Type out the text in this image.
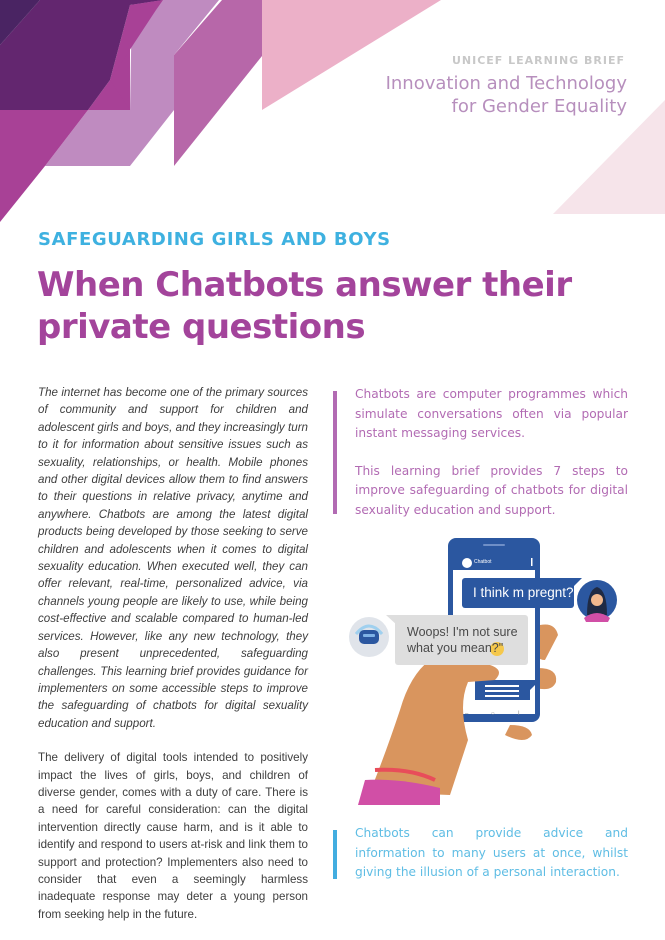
UNICEF LEARNING BRIEF
Innovation and Technology
for Gender Equality
SAFEGUARDING GIRLS AND BOYS
When Chatbots answer their
private questions

The internet has become one of the primary sources of community and support for children and adolescent girls and boys, and they increasingly turn to it for information about sensitive issues such as sexuality, relationships, or health. Mobile phones and other digital devices allow them to find answers to their questions in relative privacy, anytime and anywhere. Chatbots are among the latest digital products being developed by those seeking to serve children and adolescents when it comes to digital sexuality education. When executed well, they can offer relevant, real-time, personalized advice, via channels young people are likely to use, while being cost-effective and scalable compared to human-led services. However, like any new technology, they also present unprecedented, safeguarding challenges. This learning brief provides guidance for implementers on some accessible steps to improve the safeguarding of chatbots for digital sexuality education and support.

The delivery of digital tools intended to positively impact the lives of girls, boys, and children of diverse gender, comes with a duty of care. There is a need for careful consideration: can the digital intervention directly cause harm, and is it able to identify and respond to users at-risk and link them to support and protection? Implementers also need to consider that even a seemingly harmless inadequate response may deter a young person from seeking help in the future.

Chatbots are computer programmes which simulate conversations often via popular instant messaging services.

This learning brief provides 7 steps to improve safeguarding of chatbots for digital sexuality education and support.

Chatbot
–	○	ǀ
I think m pregnt?
Woops! I'm not sure
what you mean?"

Chatbots can provide advice and information to many users at once, whilst giving the illusion of a personal interaction.
